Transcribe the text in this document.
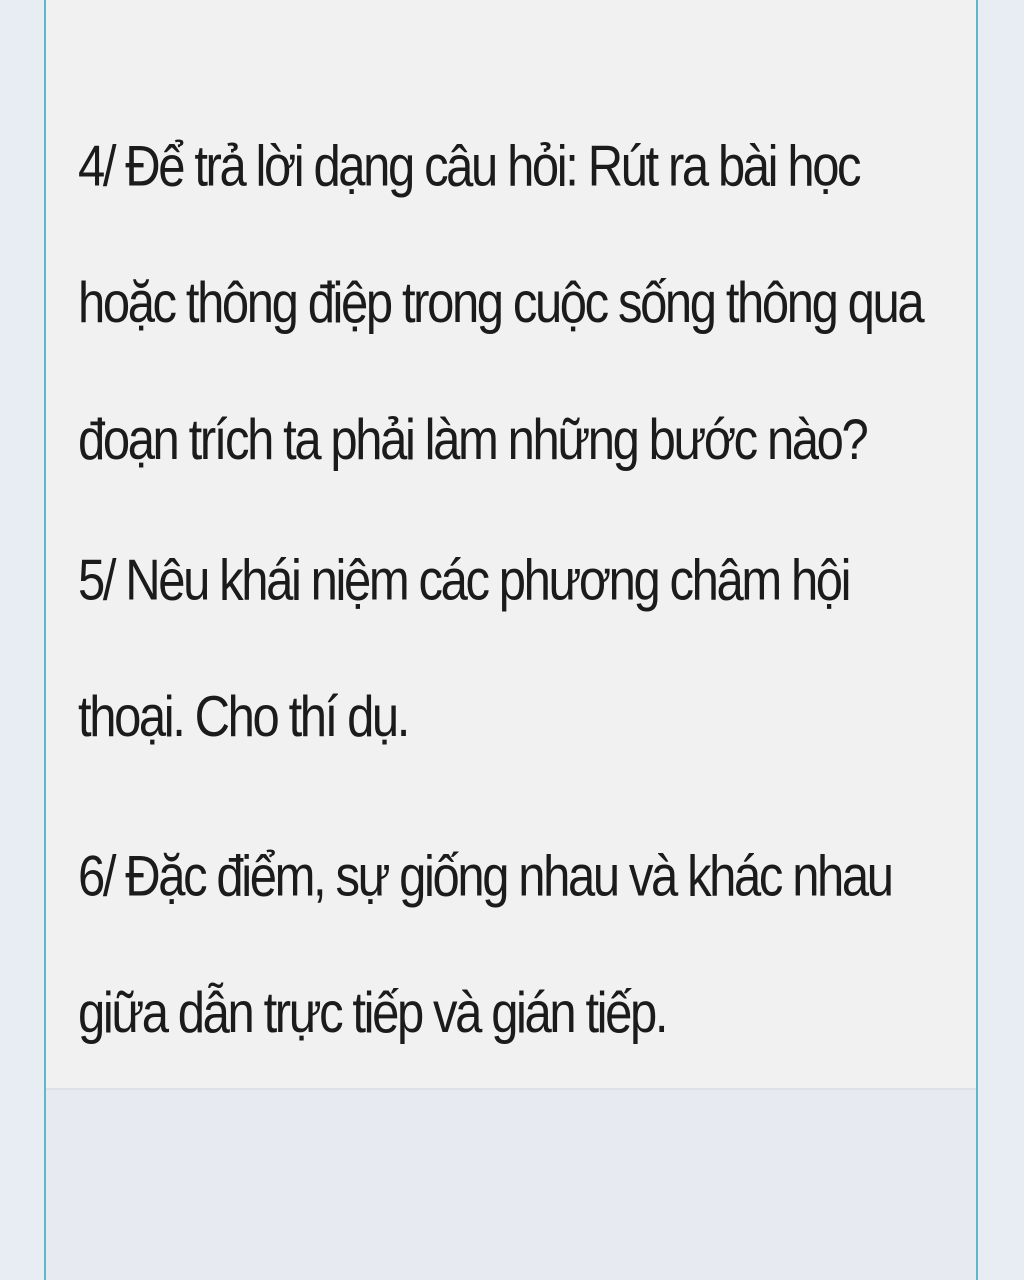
4/ Để trả lời dạng câu hỏi: Rút ra bài học hoặc thông điệp trong cuộc sống thông qua đoạn trích ta phải làm những bước nào?

5/ Nêu khái niệm các phương châm hội thoại. Cho thí dụ.

6/ Đặc điểm, sự giống nhau và khác nhau giữa dẫn trực tiếp và gián tiếp.
